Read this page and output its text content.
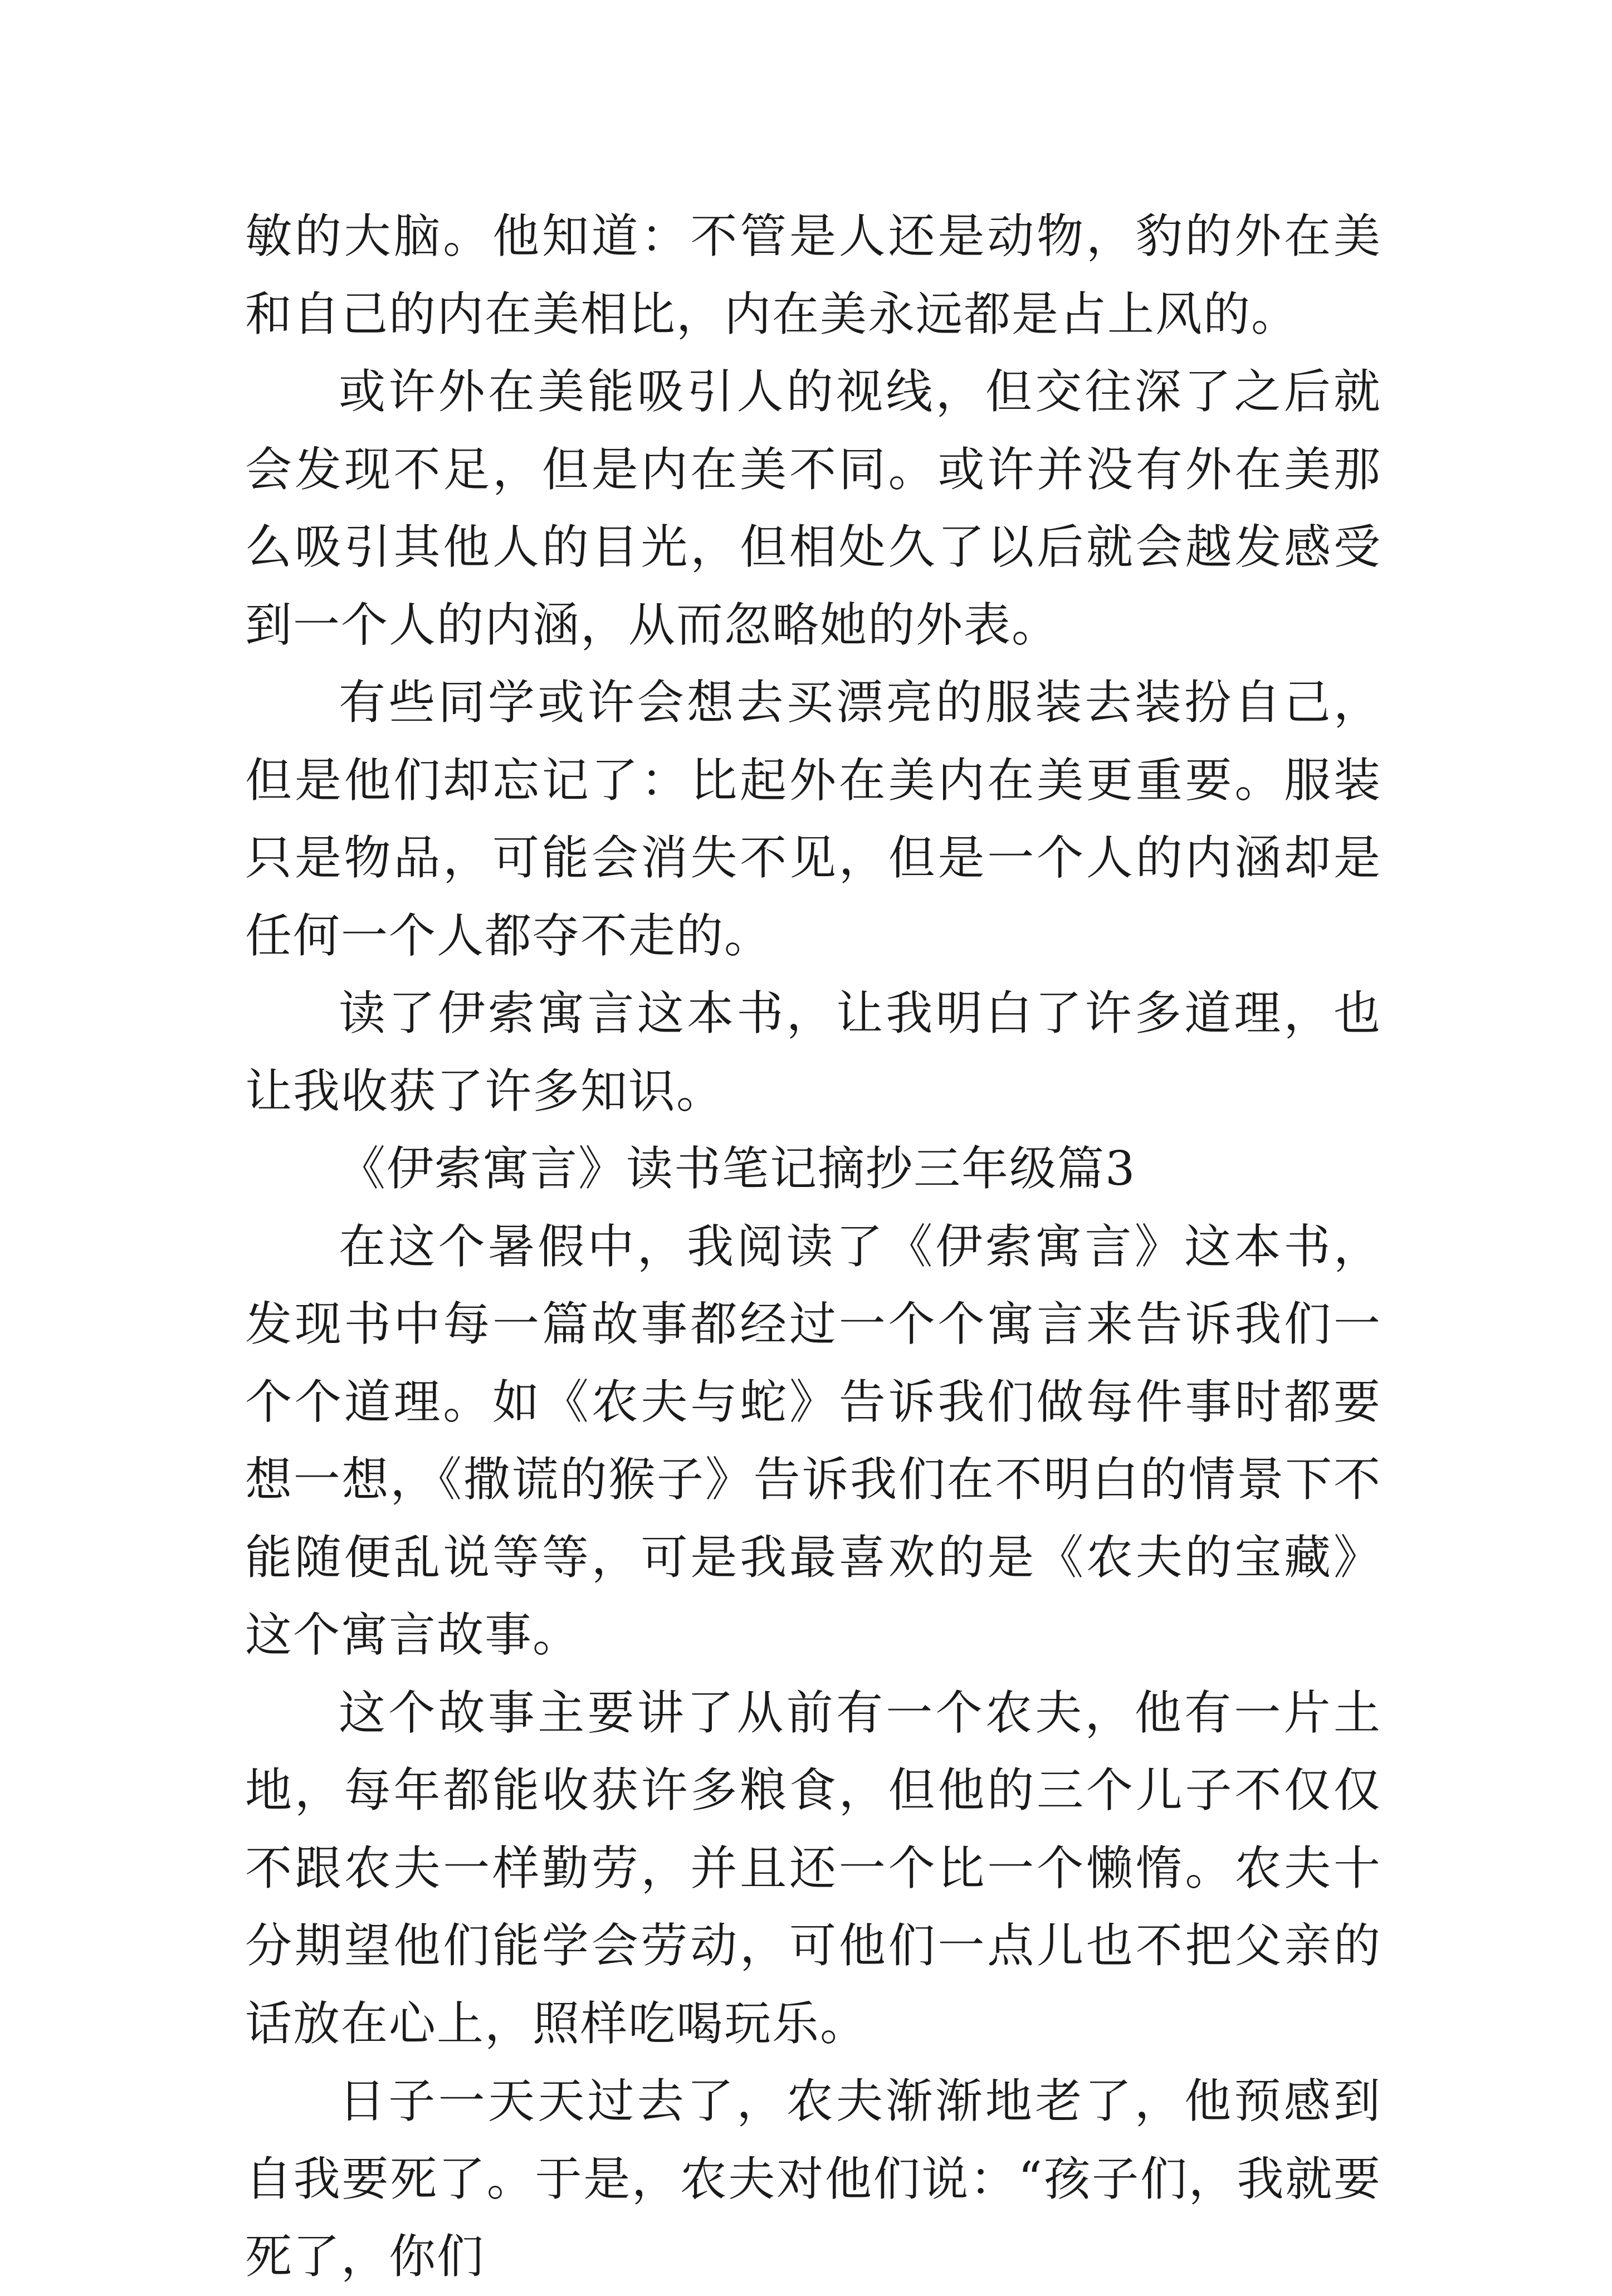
敏的大脑。他知道：不管是人还是动物，豹的外在美和自己的内在美相比，内在美永远都是占上风的。

或许外在美能吸引人的视线，但交往深了之后就会发现不足，但是内在美不同。或许并没有外在美那么吸引其他人的目光，但相处久了以后就会越发感受到一个人的内涵，从而忽略她的外表。

有些同学或许会想去买漂亮的服装去装扮自己，但是他们却忘记了：比起外在美内在美更重要。服装只是物品，可能会消失不见，但是一个人的内涵却是任何一个人都夺不走的。

读了伊索寓言这本书，让我明白了许多道理，也让我收获了许多知识。

《伊索寓言》读书笔记摘抄三年级篇3

在这个暑假中，我阅读了《伊索寓言》这本书，发现书中每一篇故事都经过一个个寓言来告诉我们一个个道理。如《农夫与蛇》告诉我们做每件事时都要想一想，《撒谎的猴子》告诉我们在不明白的情景下不能随便乱说等等，可是我最喜欢的是《农夫的宝藏》这个寓言故事。

这个故事主要讲了从前有一个农夫，他有一片土地，每年都能收获许多粮食，但他的三个儿子不仅仅不跟农夫一样勤劳，并且还一个比一个懒惰。农夫十分期望他们能学会劳动，可他们一点儿也不把父亲的话放在心上，照样吃喝玩乐。

日子一天天过去了，农夫渐渐地老了，他预感到自我要死了。于是，农夫对他们说：“孩子们，我就要死了，你们
